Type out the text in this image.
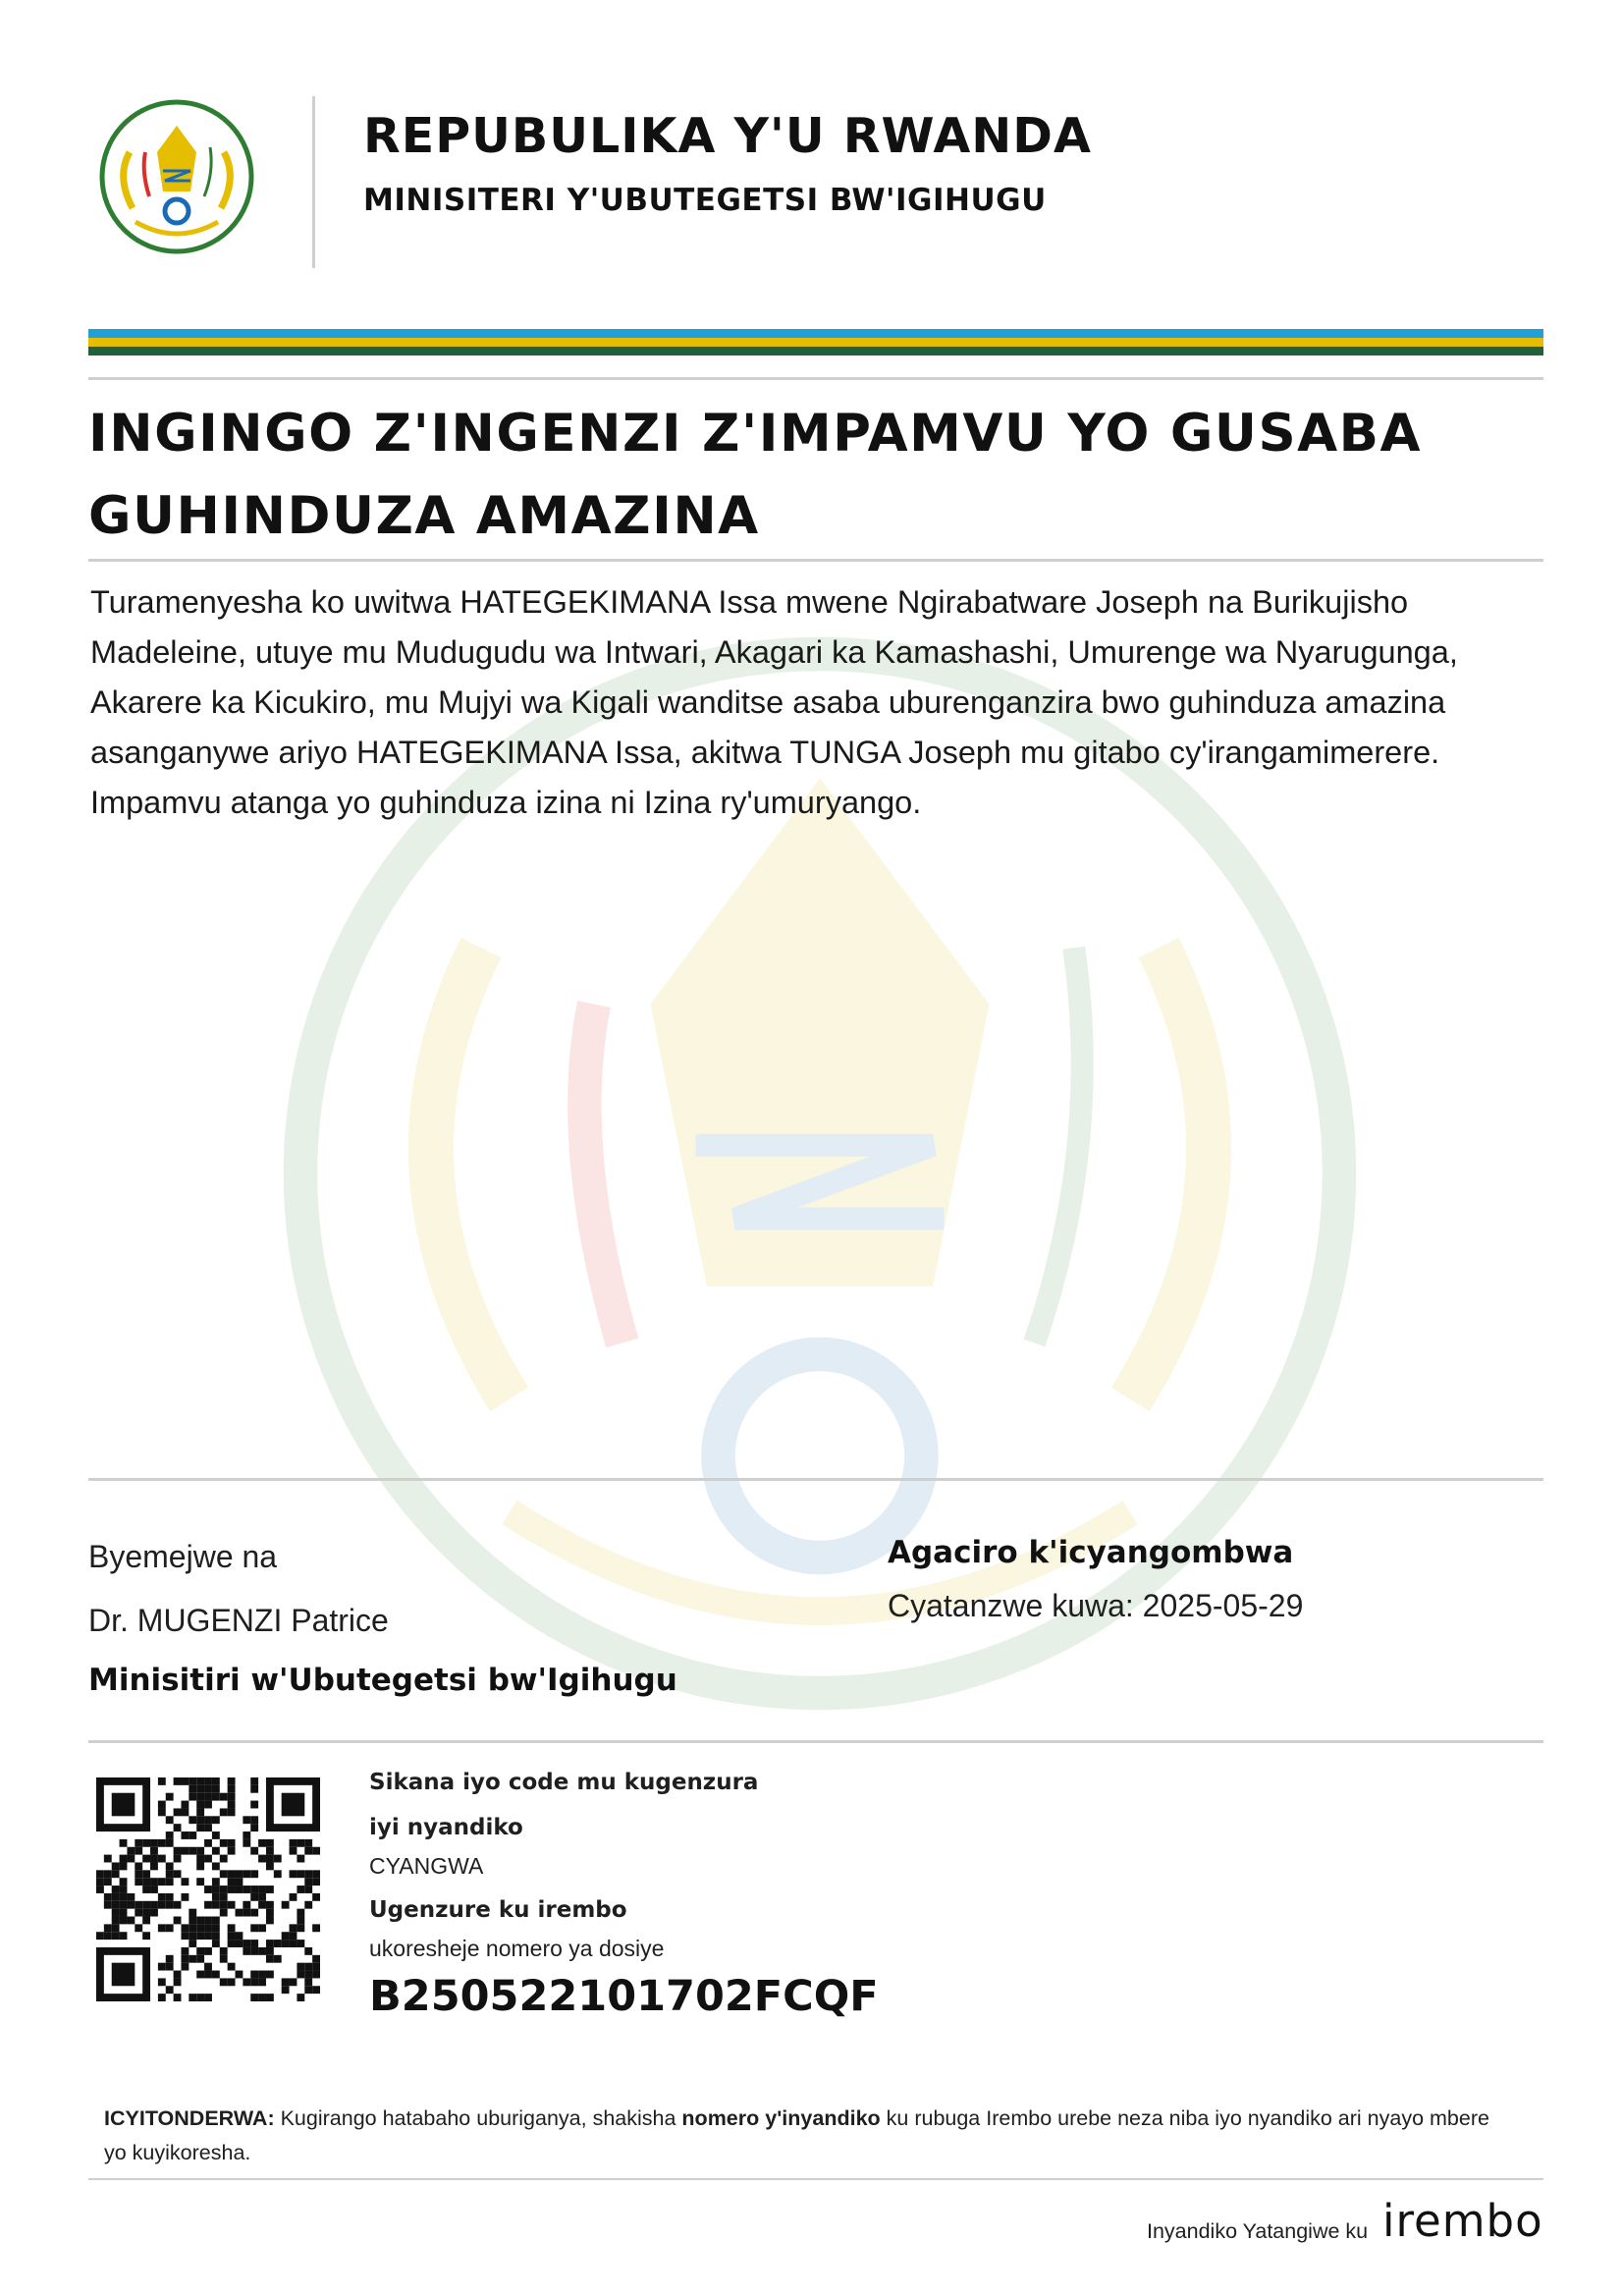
REPUBULIKA Y'U RWANDA
MINISITERI Y'UBUTEGETSI BW'IGIHUGU
INGINGO Z'INGENZI Z'IMPAMVU YO GUSABA
GUHINDUZA AMAZINA
Turamenyesha ko uwitwa HATEGEKIMANA Issa mwene Ngirabatware Joseph na Burikujisho Madeleine, utuye mu Mudugudu wa Intwari, Akagari ka Kamashashi, Umurenge wa Nyarugunga, Akarere ka Kicukiro, mu Mujyi wa Kigali wanditse asaba uburenganzira bwo guhinduza amazina asanganywe ariyo HATEGEKIMANA Issa, akitwa TUNGA Joseph mu gitabo cy'irangamimerere. Impamvu atanga yo guhinduza izina ni Izina ry'umuryango.
Byemejwe na
Dr. MUGENZI Patrice
Minisitiri w'Ubutegetsi bw'Igihugu
Agaciro k'icyangombwa
Cyatanzwe kuwa: 2025-05-29
Sikana iyo code mu kugenzura
iyi nyandiko
CYANGWA
Ugenzure ku irembo
ukoresheje nomero ya dosiye
B250522101702FCQF
ICYITONDERWA: Kugirango hatabaho uburiganya, shakisha nomero y'inyandiko ku rubuga Irembo urebe neza niba iyo nyandiko ari nyayo mbere yo kuyikoresha.
Inyandiko Yatangiwe ku irembo
